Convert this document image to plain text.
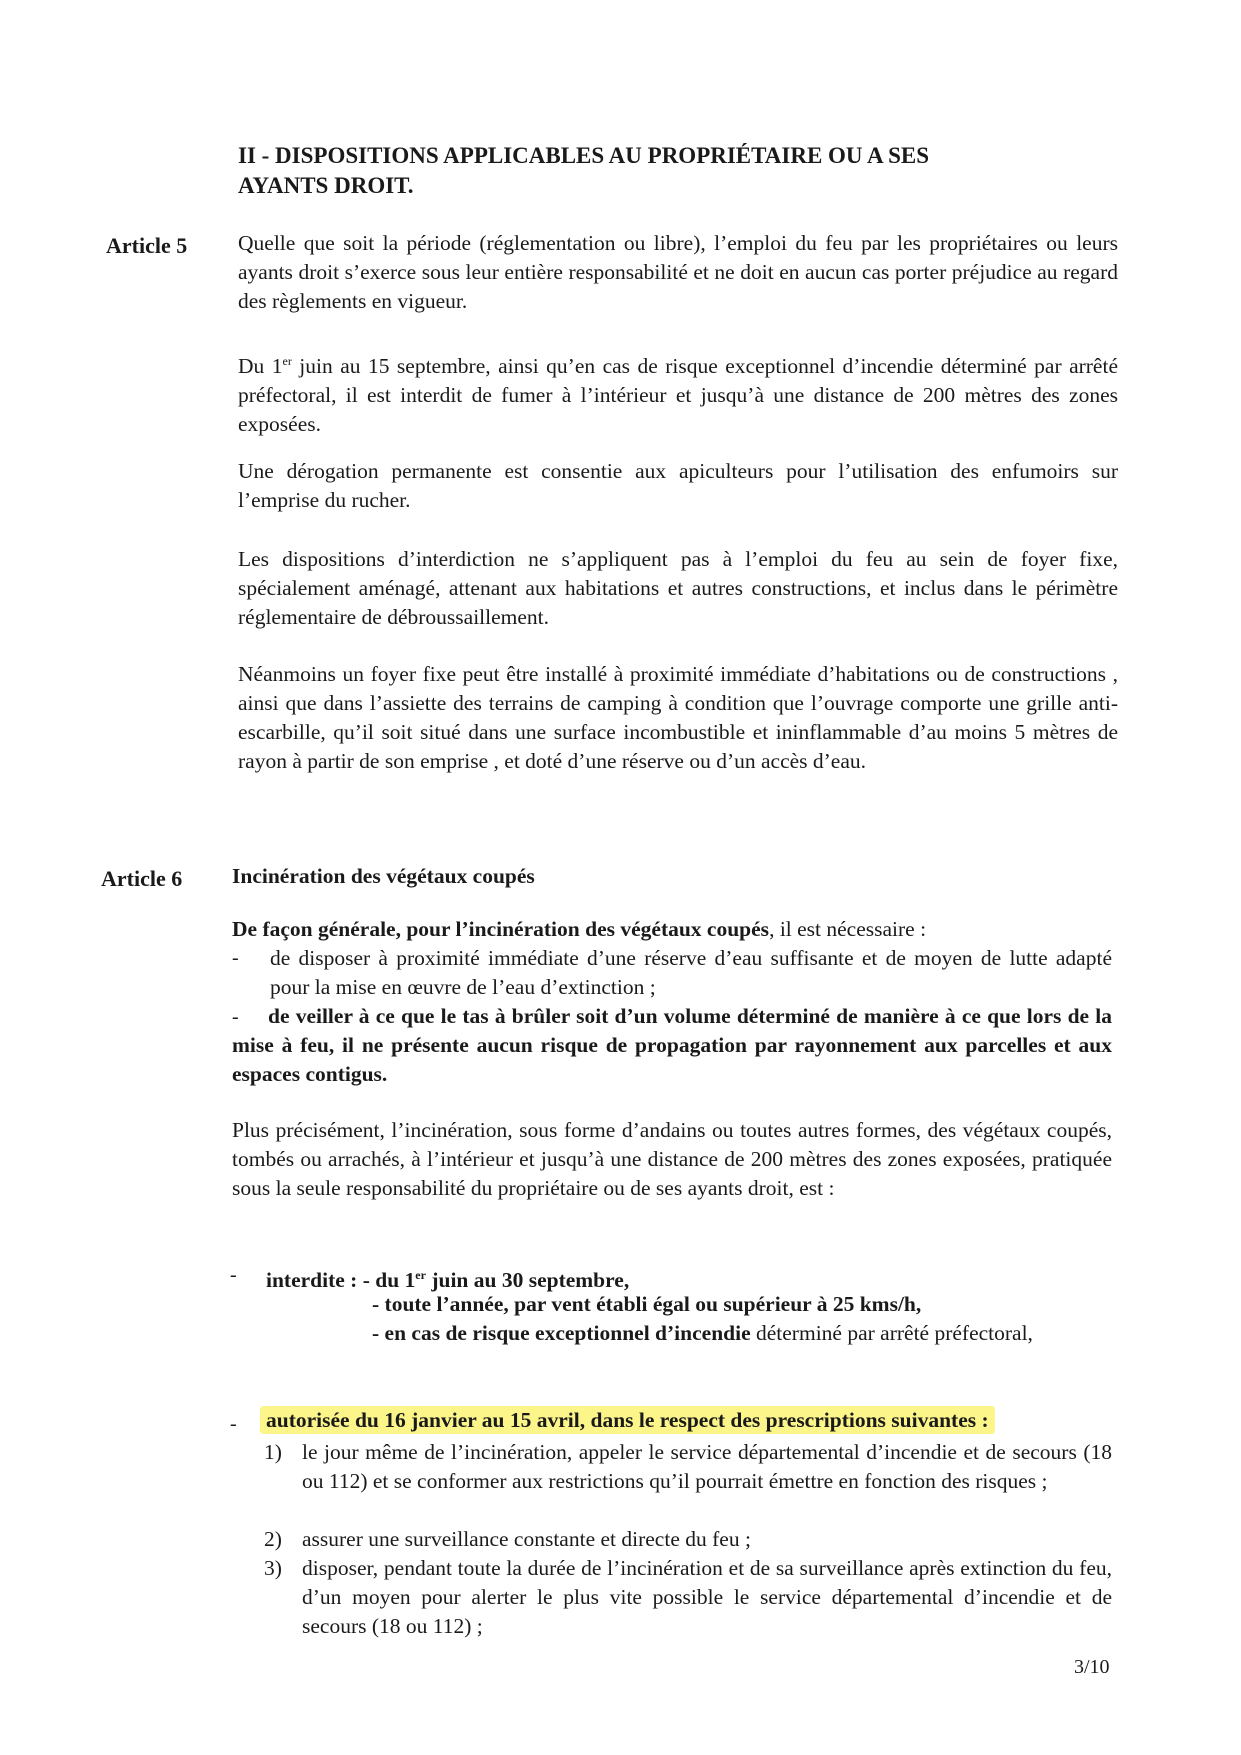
II - DISPOSITIONS APPLICABLES AU PROPRIÉTAIRE OU A SES
AYANTS DROIT.
Article 5 Quelle que soit la période (réglementation ou libre), l’emploi du feu par les propriétaires ou leurs ayants droit s’exerce sous leur entière responsabilité et ne doit en aucun cas porter préjudice au regard des règlements en vigueur.
Du 1er juin au 15 septembre, ainsi qu’en cas de risque exceptionnel d’incendie déterminé par arrêté préfectoral, il est interdit de fumer à l’intérieur et jusqu’à une distance de 200 mètres des zones exposées.
Une dérogation permanente est consentie aux apiculteurs pour l’utilisation des enfumoirs sur l’emprise du rucher.
Les dispositions d’interdiction ne s’appliquent pas à l’emploi du feu au sein de foyer fixe, spécialement aménagé, attenant aux habitations et autres constructions, et inclus dans le périmètre réglementaire de débroussaillement.
Néanmoins un foyer fixe peut être installé à proximité immédiate d’habitations ou de constructions , ainsi que dans l’assiette des terrains de camping à condition que l’ouvrage comporte une grille anti-escarbille, qu’il soit situé dans une surface incombustible et ininflammable d’au moins 5 mètres de rayon à partir de son emprise , et doté d’une réserve ou d’un accès d’eau.
Article 6 Incinération des végétaux coupés
De façon générale, pour l’incinération des végétaux coupés, il est nécessaire :
- de disposer à proximité immédiate d’une réserve d’eau suffisante et de moyen de lutte adapté pour la mise en œuvre de l’eau d’extinction ;
-	de veiller à ce que le tas à brûler soit d’un volume déterminé de manière à ce que lors de la mise à feu, il ne présente aucun risque de propagation par rayonnement aux parcelles et aux espaces contigus.
Plus précisément, l’incinération, sous forme d’andains ou toutes autres formes, des végétaux coupés, tombés ou arrachés, à l’intérieur et jusqu’à une distance de 200 mètres des zones exposées, pratiquée sous la seule responsabilité du propriétaire ou de ses ayants droit, est :
- interdite : - du 1er juin au 30 septembre,
- toute l’année, par vent établi égal ou supérieur à 25 kms/h,
- en cas de risque exceptionnel d’incendie déterminé par arrêté préfectoral,
- autorisée du 16 janvier au 15 avril, dans le respect des prescriptions suivantes :
1) le jour même de l’incinération, appeler le service départemental d’incendie et de secours (18 ou 112) et se conformer aux restrictions qu’il pourrait émettre en fonction des risques ;
2) assurer une surveillance constante et directe du feu ;
3) disposer, pendant toute la durée de l’incinération et de sa surveillance après extinction du feu, d’un moyen pour alerter le plus vite possible le service départemental d’incendie et de secours (18 ou 112) ;
3/10
